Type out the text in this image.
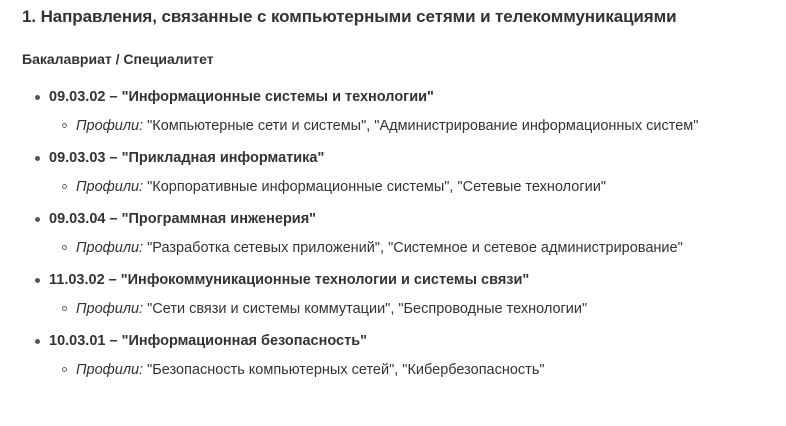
1. Направления, связанные с компьютерными сетями и телекоммуникациями
Бакалавриат / Специалитет
09.03.02 – "Информационные системы и технологии"
Профили: "Компьютерные сети и системы", "Администрирование информационных систем"
09.03.03 – "Прикладная информатика"
Профили: "Корпоративные информационные системы", "Сетевые технологии"
09.03.04 – "Программная инженерия"
Профили: "Разработка сетевых приложений", "Системное и сетевое администрирование"
11.03.02 – "Инфокоммуникационные технологии и системы связи"
Профили: "Сети связи и системы коммутации", "Беспроводные технологии"
10.03.01 – "Информационная безопасность"
Профили: "Безопасность компьютерных сетей", "Кибербезопасность"
